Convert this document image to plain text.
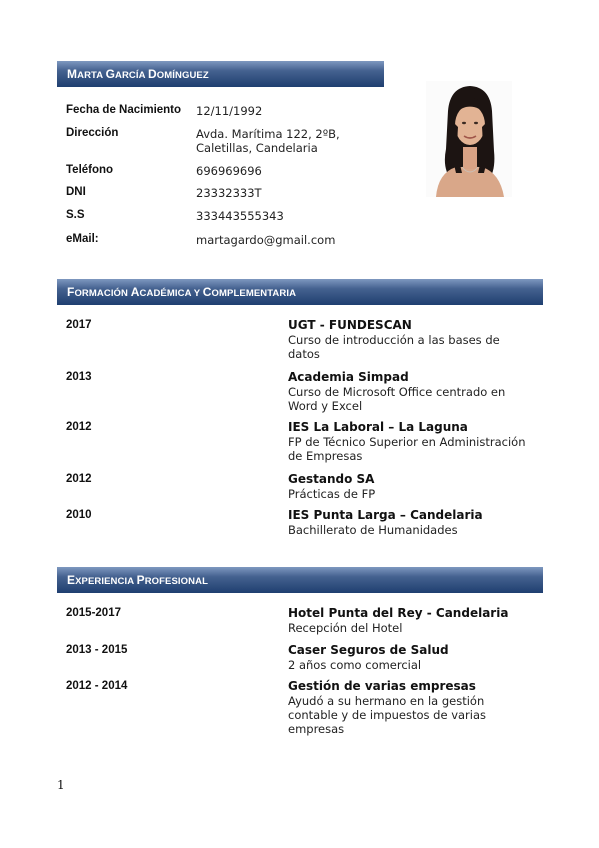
MARTA GARCÍA DOMÍNGUEZ
Fecha de Nacimiento 12/11/1992
Dirección	Avda. Marítima 122, 2ºB, Caletillas, Candelaria
Teléfono	696969696
DNI	23332333T
S.S	333443555343
eMail:	martagardo@gmail.com
FORMACIÓN ACADÉMICA Y COMPLEMENTARIA
2017	UGT - FUNDESCAN
Curso de introducción a las bases de datos
2013	Academia Simpad
Curso de Microsoft Office centrado en Word y Excel
2012	IES La Laboral – La Laguna
FP de Técnico Superior en Administración de Empresas
2012	Gestando SA
Prácticas de FP
2010	IES Punta Larga – Candelaria
Bachillerato de Humanidades
EXPERIENCIA PROFESIONAL
2015-2017	Hotel Punta del Rey - Candelaria
Recepción del Hotel
2013 - 2015	Caser Seguros de Salud
2 años como comercial
2012 - 2014	Gestión de varias empresas
Ayudó a su hermano en la gestión contable y de impuestos de varias empresas
1
